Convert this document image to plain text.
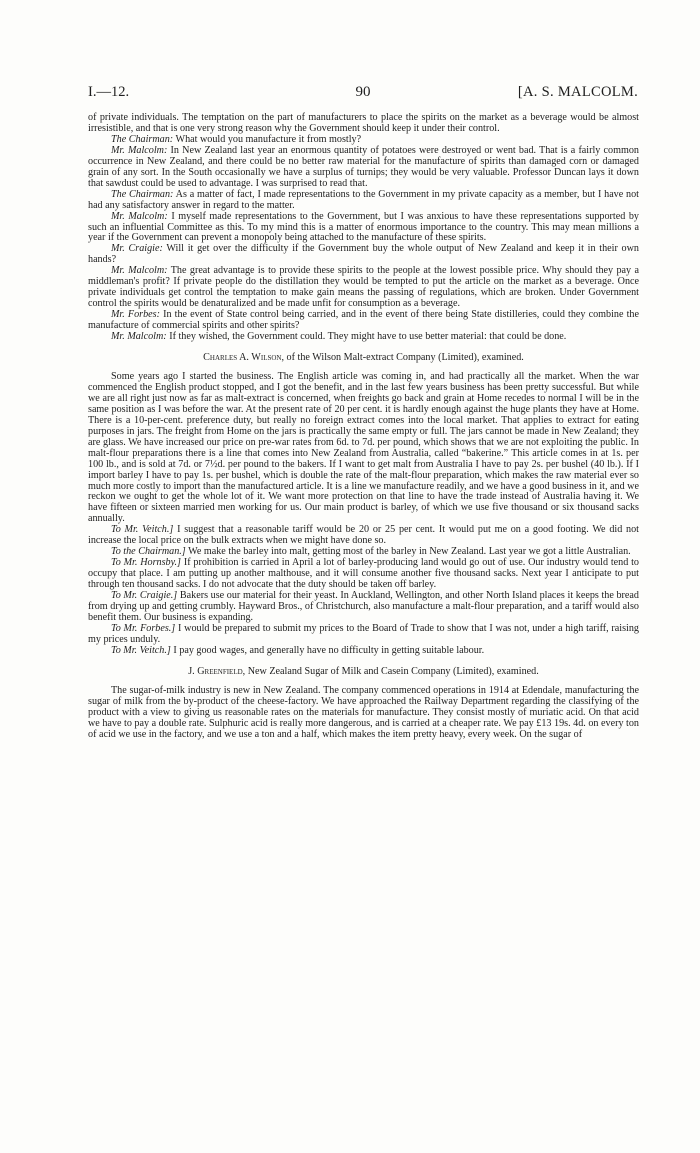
I.—12.	90	[A. S. MALCOLM.

of private individuals. The temptation on the part of manufacturers to place the spirits on the market as a beverage would be almost irresistible, and that is one very strong reason why the Government should keep it under their control.

The Chairman: What would you manufacture it from mostly?

Mr. Malcolm: In New Zealand last year an enormous quantity of potatoes were destroyed or went bad. That is a fairly common occurrence in New Zealand, and there could be no better raw material for the manufacture of spirits than damaged corn or damaged grain of any sort. In the South occasionally we have a surplus of turnips; they would be very valuable. Professor Duncan lays it down that sawdust could be used to advantage. I was surprised to read that.

The Chairman: As a matter of fact, I made representations to the Government in my private capacity as a member, but I have not had any satisfactory answer in regard to the matter.

Mr. Malcolm: I myself made representations to the Government, but I was anxious to have these representations supported by such an influential Committee as this. To my mind this is a matter of enormous importance to the country. This may mean millions a year if the Government can prevent a monopoly being attached to the manufacture of these spirits.

Mr. Craigie: Will it get over the difficulty if the Government buy the whole output of New Zealand and keep it in their own hands?

Mr. Malcolm: The great advantage is to provide these spirits to the people at the lowest possible price. Why should they pay a middleman's profit? If private people do the distillation they would be tempted to put the article on the market as a beverage. Once private individuals get control the temptation to make gain means the passing of regulations, which are broken. Under Government control the spirits would be denaturalized and be made unfit for consumption as a beverage.

Mr. Forbes: In the event of State control being carried, and in the event of there being State distilleries, could they combine the manufacture of commercial spirits and other spirits?

Mr. Malcolm: If they wished, the Government could. They might have to use better material: that could be done.

Charles A. Wilson, of the Wilson Malt-extract Company (Limited), examined.

Some years ago I started the business. The English article was coming in, and had practically all the market. When the war commenced the English product stopped, and I got the benefit, and in the last few years business has been pretty successful. But while we are all right just now as far as malt-extract is concerned, when freights go back and grain at Home recedes to normal I will be in the same position as I was before the war. At the present rate of 20 per cent. it is hardly enough against the huge plants they have at Home. There is a 10-per-cent. preference duty, but really no foreign extract comes into the local market. That applies to extract for eating purposes in jars. The freight from Home on the jars is practically the same empty or full. The jars cannot be made in New Zealand; they are glass. We have increased our price on pre-war rates from 6d. to 7d. per pound, which shows that we are not exploiting the public. In malt-flour preparations there is a line that comes into New Zealand from Australia, called “bakerine.” This article comes in at 1s. per 100 lb., and is sold at 7d. or 7½d. per pound to the bakers. If I want to get malt from Australia I have to pay 2s. per bushel (40 lb.). If I import barley I have to pay 1s. per bushel, which is double the rate of the malt-flour preparation, which makes the raw material ever so much more costly to import than the manufactured article. It is a line we manufacture readily, and we have a good business in it, and we reckon we ought to get the whole lot of it. We want more protection on that line to have the trade instead of Australia having it. We have fifteen or sixteen married men working for us. Our main product is barley, of which we use five thousand or six thousand sacks annually.

To Mr. Veitch.] I suggest that a reasonable tariff would be 20 or 25 per cent. It would put me on a good footing. We did not increase the local price on the bulk extracts when we might have done so.

To the Chairman.] We make the barley into malt, getting most of the barley in New Zealand. Last year we got a little Australian.

To Mr. Hornsby.] If prohibition is carried in April a lot of barley-producing land would go out of use. Our industry would tend to occupy that place. I am putting up another malthouse, and it will consume another five thousand sacks. Next year I anticipate to put through ten thousand sacks. I do not advocate that the duty should be taken off barley.

To Mr. Craigie.] Bakers use our material for their yeast. In Auckland, Wellington, and other North Island places it keeps the bread from drying up and getting crumbly. Hayward Bros., of Christchurch, also manufacture a malt-flour preparation, and a tariff would also benefit them. Our business is expanding.

To Mr. Forbes.] I would be prepared to submit my prices to the Board of Trade to show that I was not, under a high tariff, raising my prices unduly.

To Mr. Veitch.] I pay good wages, and generally have no difficulty in getting suitable labour.

J. Greenfield, New Zealand Sugar of Milk and Casein Company (Limited), examined.

The sugar-of-milk industry is new in New Zealand. The company commenced operations in 1914 at Edendale, manufacturing the sugar of milk from the by-product of the cheese-factory. We have approached the Railway Department regarding the classifying of the product with a view to giving us reasonable rates on the materials for manufacture. They consist mostly of muriatic acid. On that acid we have to pay a double rate. Sulphuric acid is really more dangerous, and is carried at a cheaper rate. We pay £13 19s. 4d. on every ton of acid we use in the factory, and we use a ton and a half, which makes the item pretty heavy, every week. On the sugar of
